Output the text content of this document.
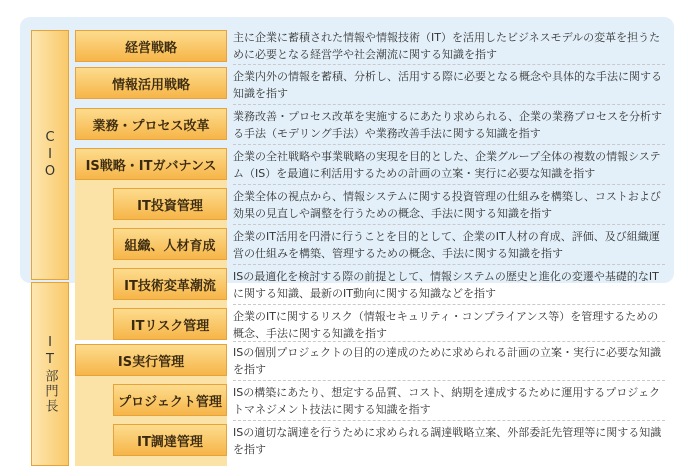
CIO
IT部門長
経営戦略
情報活用戦略
業務・プロセス改革
IS戦略・ITガバナンス
IT投資管理
組織、人材育成
IT技術変革潮流
ITリスク管理
IS実行管理
プロジェクト管理
IT調達管理
主に企業に蓄積された情報や情報技術（IT）を活用したビジネスモデルの変革を担うために必要となる経営学や社会潮流に関する知識を指す
企業内外の情報を蓄積、分析し、活用する際に必要となる概念や具体的な手法に関する知識を指す
業務改善・プロセス改革を実施するにあたり求められる、企業の業務プロセスを分析する手法（モデリング手法）や業務改善手法に関する知識を指す
企業の全社戦略や事業戦略の実現を目的とした、企業グループ全体の複数の情報システム（IS）を最適に利活用するための計画の立案・実行に必要な知識を指す
企業全体の視点から、情報システムに関する投資管理の仕組みを構築し、コストおよび効果の見直しや調整を行うための概念、手法に関する知識を指す
企業のIT活用を円滑に行うことを目的として、企業のIT人材の育成、評価、及び組織運営の仕組みを構築、管理するための概念、手法に関する知識を指す
ISの最適化を検討する際の前提として、情報システムの歴史と進化の変遷や基礎的なITに関する知識、最新のIT動向に関する知識などを指す
企業のITに関するリスク（情報セキュリティ・コンプライアンス等）を管理するための概念、手法に関する知識を指す
ISの個別プロジェクトの目的の達成のために求められる計画の立案・実行に必要な知識を指す
ISの構築にあたり、想定する品質、コスト、納期を達成するために運用するプロジェクトマネジメント技法に関する知識を指す
ISの適切な調達を行うために求められる調達戦略立案、外部委託先管理等に関する知識を指す
